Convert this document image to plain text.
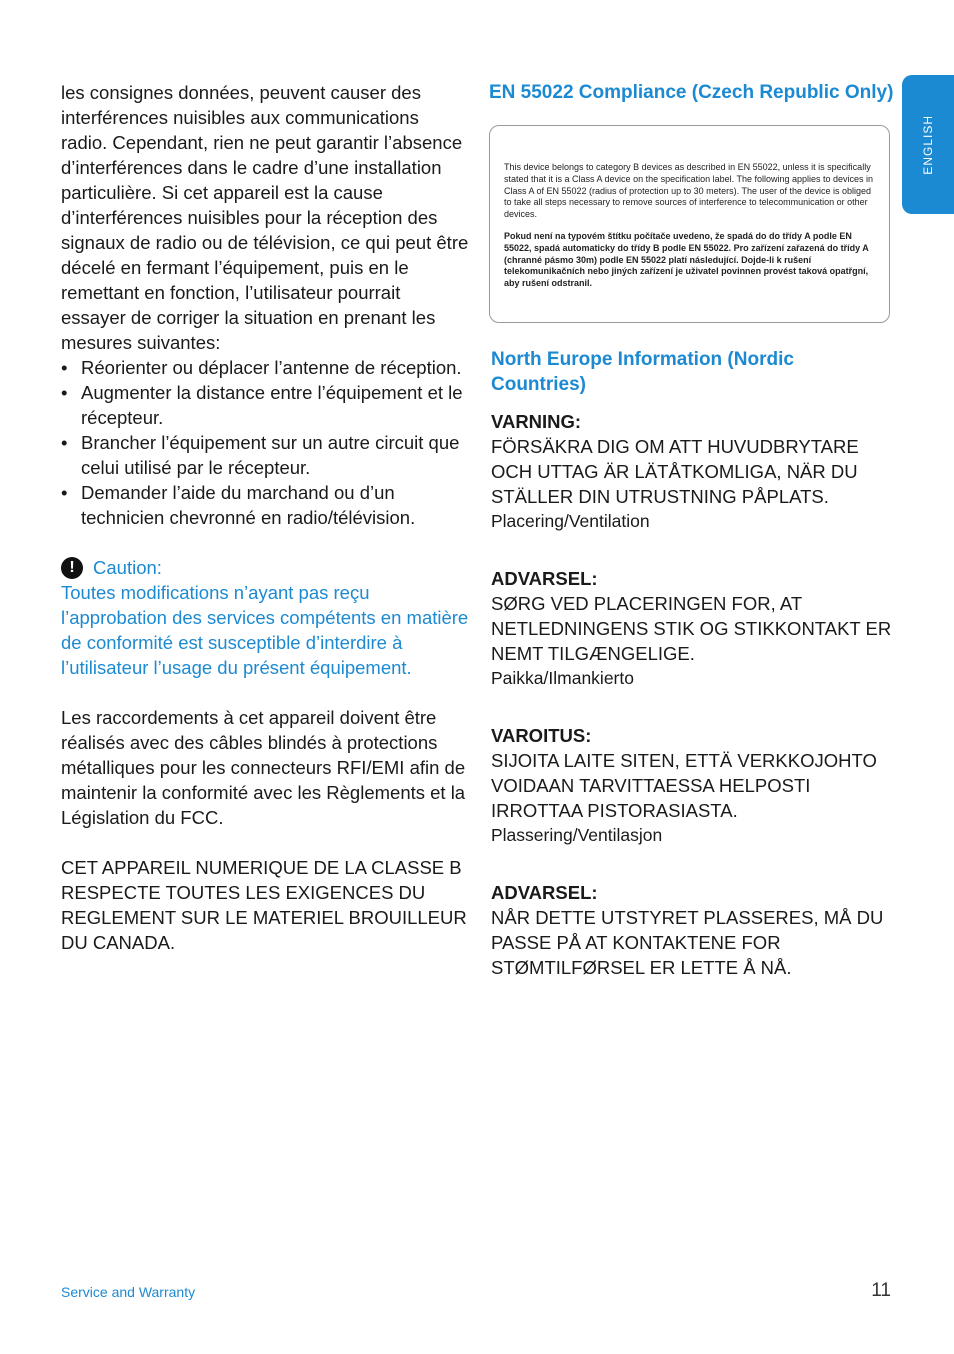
ENGLISH

les consignes données, peuvent causer des interférences nuisibles aux communications radio. Cependant, rien ne peut garantir l’absence d’interférences dans le cadre d’une installation particulière. Si cet appareil est la cause d’interférences nuisibles pour la réception des signaux de radio ou de télévision, ce qui peut être décelé en fermant l’équipement, puis en le remettant en fonction, l’utilisateur pourrait essayer de corriger la situation en prenant les mesures suivantes:

• Réorienter ou déplacer l’antenne de réception.
• Augmenter la distance entre l’équipement et le récepteur.
• Brancher l’équipement sur un autre circuit que celui utilisé par le récepteur.
• Demander l’aide du marchand ou d’un technicien chevronné en radio/télévision.
! Caution:

Toutes modifications n’ayant pas reçu l’approbation des services compétents en matière de conformité est susceptible d’interdire à l’utilisateur l’usage du présent équipement.

Les raccordements à cet appareil doivent être réalisés avec des câbles blindés à protections métalliques pour les connecteurs RFI/EMI afin de maintenir la conformité avec les Règlements et la Législation du FCC.

CET APPAREIL NUMERIQUE DE LA CLASSE B RESPECTE TOUTES LES EXIGENCES DU REGLEMENT SUR LE MATERIEL BROUILLEUR DU CANADA.

EN 55022 Compliance (Czech Republic Only)
This device belongs to category B devices as described in EN 55022, unless it is specifically stated that it is a Class A device on the specification label. The following applies to devices in Class A of EN 55022 (radius of protection up to 30 meters). The user of the device is obliged to take all steps necessary to remove sources of interference to telecommunication or other devices.
Pokud není na typovém štítku počítače uvedeno, že spadá do do třídy A podle EN 55022, spadá automaticky do třídy B podle EN 55022. Pro zařízení zařazená do třídy A (chranné pásmo 30m) podle EN 55022 platí následující. Dojde-li k rušení telekomunikačních nebo jiných zařízení je uživatel povinnen provést taková opatřgní, aby rušení odstranil.
North Europe Information (Nordic Countries)
VARNING:
FÖRSÄKRA DIG OM ATT HUVUDBRYTARE OCH UTTAG ÄR LÄTÅTKOMLIGA, NÄR DU STÄLLER DIN UTRUSTNING PÅPLATS.
Placering/Ventilation
ADVARSEL:
SØRG VED PLACERINGEN FOR, AT NETLEDNINGENS STIK OG STIKKONTAKT ER NEMT TILGÆNGELIGE.
Paikka/Ilmankierto
VAROITUS:
SIJOITA LAITE SITEN, ETTÄ VERKKOJOHTO VOIDAAN TARVITTAESSA HELPOSTI IRROTTAA PISTORASIASTA.
Plassering/Ventilasjon
ADVARSEL:
NÅR DETTE UTSTYRET PLASSERES, MÅ DU PASSE PÅ AT KONTAKTENE FOR STØMTILFØRSEL ER LETTE Å NÅ.
Service and Warranty	11
